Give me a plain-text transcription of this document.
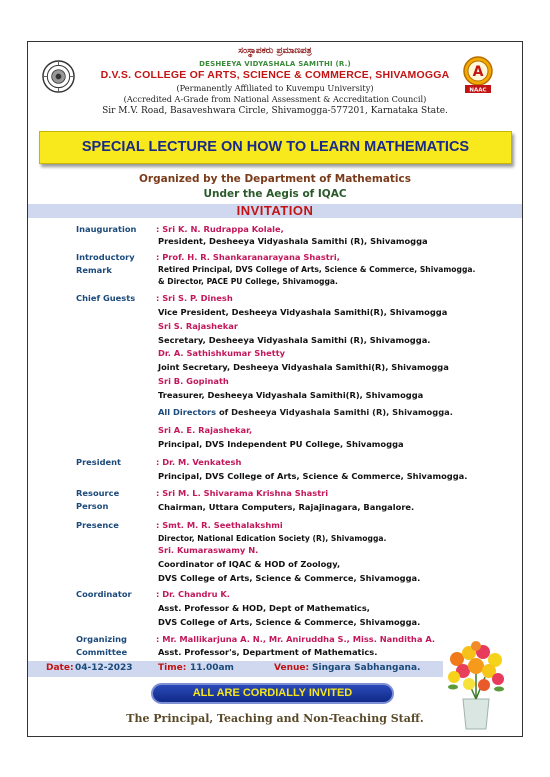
ಸಂಸ್ಥಾಪಕರು ಪ್ರಮಾಣಪತ್ರ
DESHEEYA VIDYASHALA SAMITHI (R.)
D.V.S. COLLEGE OF ARTS, SCIENCE & COMMERCE, SHIVAMOGGA
(Permanently Affiliated to Kuvempu University)
(Accredited A-Grade from National Assessment & Accreditation Council)
Sir M.V. Road, Basaveshwara Circle, Shivamogga-577201, Karnataka State.
A
NAAC
SPECIAL LECTURE ON HOW TO LEARN MATHEMATICS
Organized by the Department of Mathematics
Under the Aegis of IQAC
INVITATION
Inauguration : Sri K. N. Rudrappa Kolale,
President, Desheeya Vidyashala Samithi (R), Shivamogga
Introductory
Remark
: Prof. H. R. Shankaranarayana Shastri,
Retired Principal, DVS College of Arts, Science & Commerce, Shivamogga.
& Director, PACE PU College, Shivamogga.
Chief Guests	: Sri S. P. Dinesh
Vice President, Desheeya Vidyashala Samithi(R), Shivamogga
Sri S. Rajashekar
Secretary, Desheeya Vidyashala Samithi (R), Shivamogga.
Dr. A. Sathishkumar Shetty
Joint Secretary, Desheeya Vidyashala Samithi(R), Shivamogga
Sri B. Gopinath
Treasurer, Desheeya Vidyashala Samithi(R), Shivamogga
All Directors of Desheeya Vidyashala Samithi (R), Shivamogga.
Sri A. E. Rajashekar,
Principal, DVS Independent PU College, Shivamogga
President	: Dr. M. Venkatesh
Principal, DVS College of Arts, Science & Commerce, Shivamogga.
Resource
Person
: Sri M. L. Shivarama Krishna Shastri
Chairman, Uttara Computers, Rajajinagara, Bangalore.
Presence	: Smt. M. R. Seethalakshmi
Director, National Edication Society (R), Shivamogga.
Sri. Kumaraswamy N.
Coordinator of IQAC & HOD of Zoology,
DVS College of Arts, Science & Commerce, Shivamogga.
Coordinator	: Dr. Chandru K.
Asst. Professor & HOD, Dept of Mathematics,
DVS College of Arts, Science & Commerce, Shivamogga.
Organizing
Committee
: Mr. Mallikarjuna A. N., Mr. Aniruddha S., Miss. Nanditha A.
Asst. Professor's, Department of Mathematics.
Date: 04-12-2023	Time: 11.00am	Venue: Singara Sabhangana.
ALL ARE CORDIALLY INVITED
The Principal, Teaching and Non-Teaching Staff.
